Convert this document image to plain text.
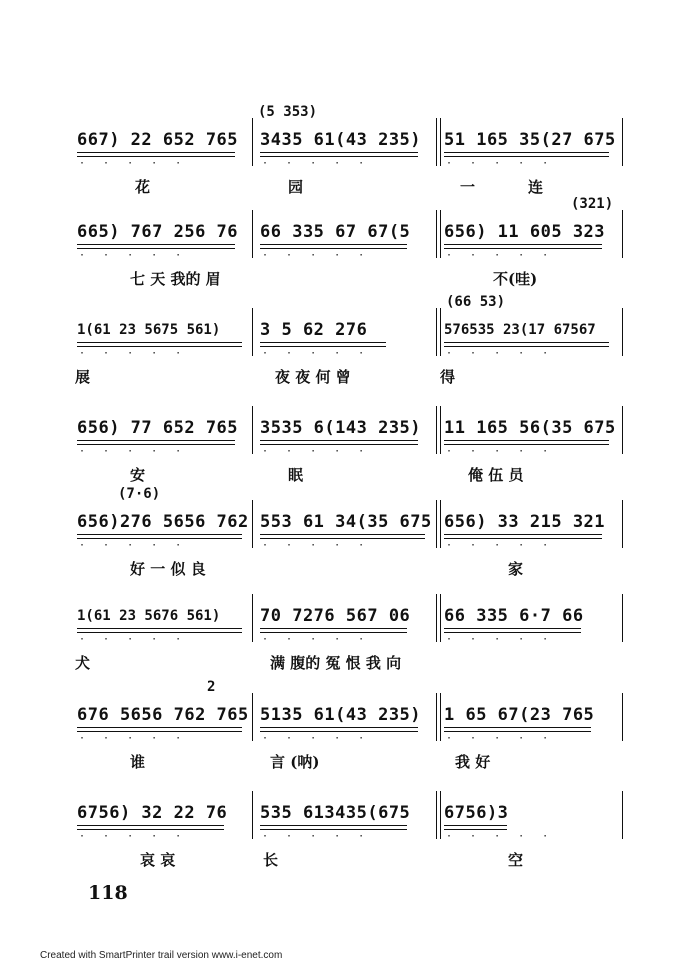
(5 353)
667) 22 652 765
· · · · ·
3435 61(43 235)
· · · · ·
51 165 35(27 675
· · · · ·
花	园	一	连
(321)
665) 767 256 76
· · · · ·
66 335 67 67(5
· · · · ·
656) 11 605 323
· · · · ·
七 天 我的 眉	不(哇)
(66 53)
1(61 23 5675 561)
· · · · ·
3 5 62 276
· · · · ·
576535 23(17 67567
· · · · ·
展	夜 夜 何 曾	得
656) 77 652 765
· · · · ·
3535 6(143 235)
· · · · ·
11 165 56(35 675
· · · · ·
安	眠	俺 伍 员
(7·6)
656)276 5656 762
· · · · ·
553 61 34(35 675
· · · · ·
656) 33 215 321
· · · · ·
好 一 似 良	家
1(61 23 5676 561)
· · · · ·
70 7276 567 06
· · · · ·
66 335 6·7 66
· · · · ·
犬	满 腹的 冤 恨 我 向
2
676 5656 762 765
· · · · ·
5135 61(43 235)
· · · · ·
1 65 67(23 765
· · · · ·
谁	言 (呐)	我 好
6756) 32 22 76
· · · · ·
535 613435(675
· · · · ·
6756)3
· · · · ·
哀 哀	长	空
118
Created with SmartPrinter trail version www.i-enet.com
